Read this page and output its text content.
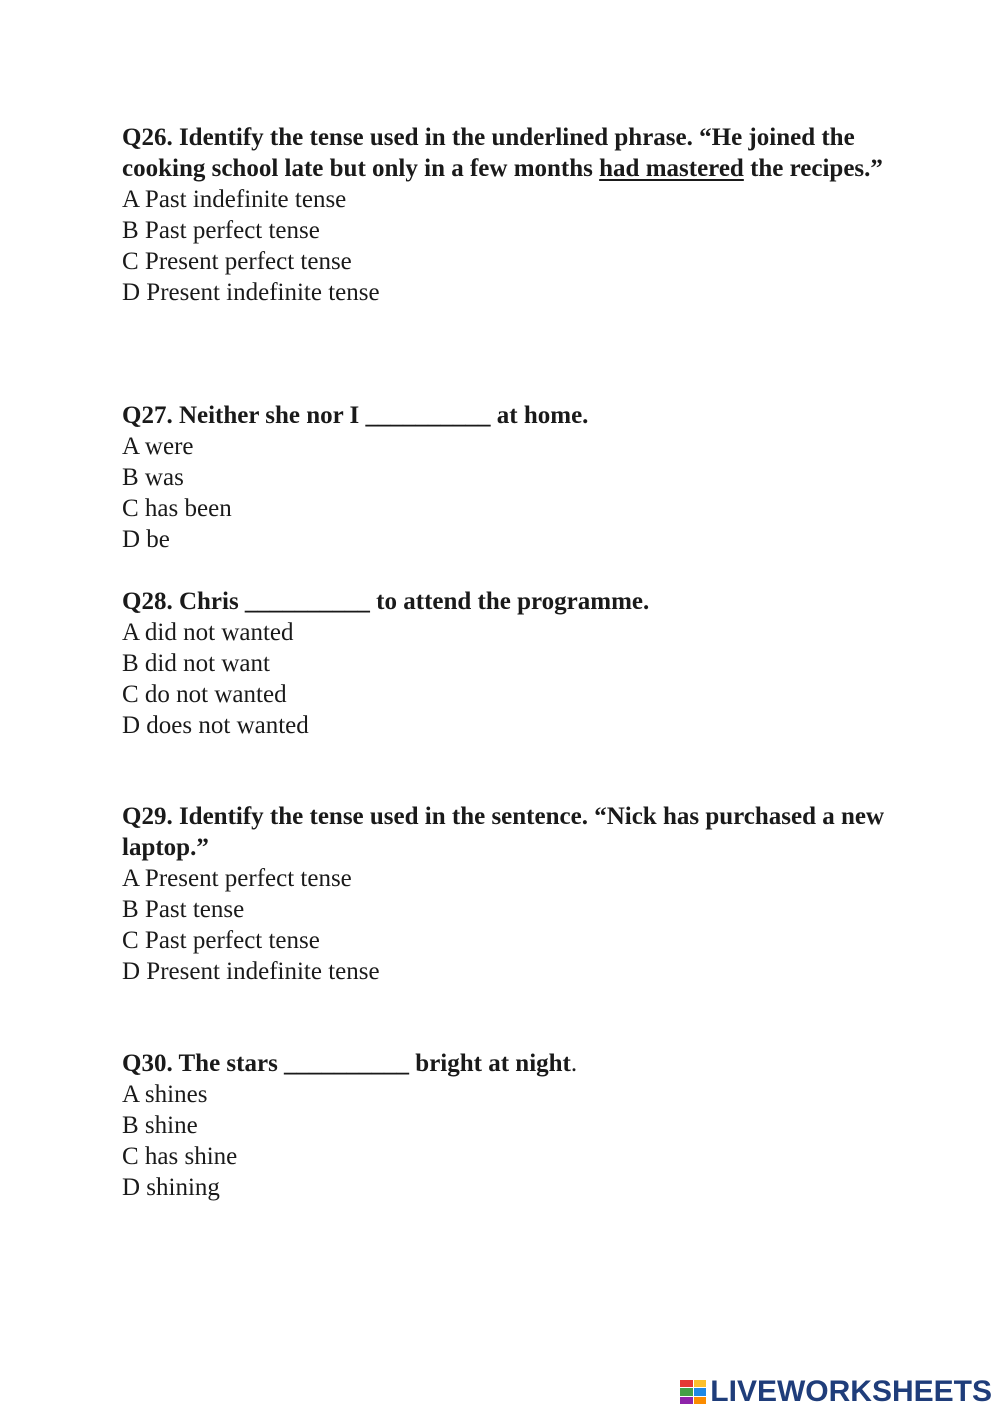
Q26. Identify the tense used in the underlined phrase. “He joined the cooking school late but only in a few months had mastered the recipes.”

A Past indefinite tense

B Past perfect tense

C Present perfect tense

D Present indefinite tense

Q27. Neither she nor I __________ at home.

A were

B was

C has been

D be

Q28. Chris __________ to attend the programme.

A did not wanted

B did not want

C do not wanted

D does not wanted

Q29. Identify the tense used in the sentence. “Nick has purchased a new laptop.”

A Present perfect tense

B Past tense

C Past perfect tense

D Present indefinite tense

Q30. The stars __________ bright at night.

A shines

B shine

C has shine

D shining

LIVEWORKSHEETS
